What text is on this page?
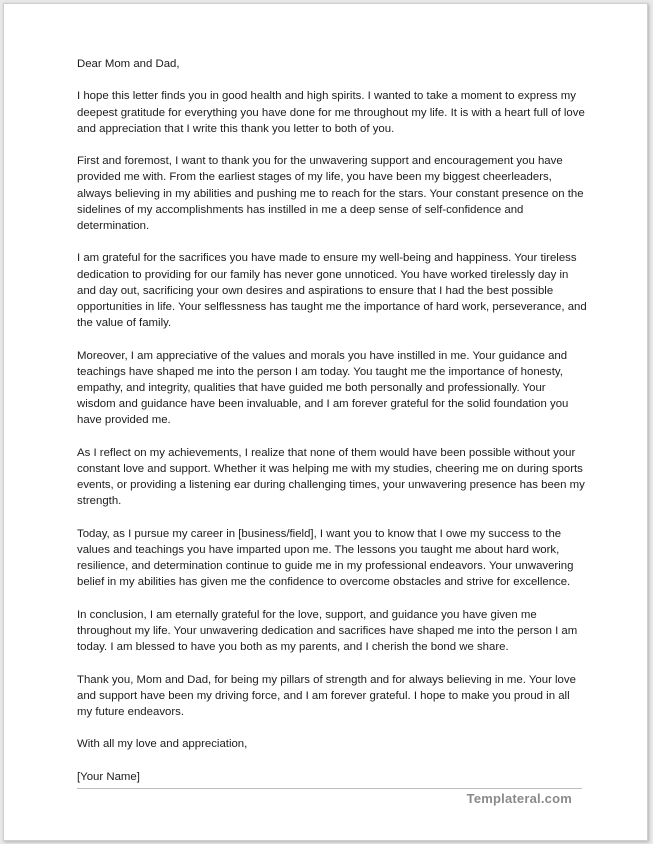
Dear Mom and Dad,

I hope this letter finds you in good health and high spirits. I wanted to take a moment to express my deepest gratitude for everything you have done for me throughout my life. It is with a heart full of love and appreciation that I write this thank you letter to both of you.

First and foremost, I want to thank you for the unwavering support and encouragement you have provided me with. From the earliest stages of my life, you have been my biggest cheerleaders, always believing in my abilities and pushing me to reach for the stars. Your constant presence on the sidelines of my accomplishments has instilled in me a deep sense of self-confidence and determination.

I am grateful for the sacrifices you have made to ensure my well-being and happiness. Your tireless dedication to providing for our family has never gone unnoticed. You have worked tirelessly day in and day out, sacrificing your own desires and aspirations to ensure that I had the best possible opportunities in life. Your selflessness has taught me the importance of hard work, perseverance, and the value of family.

Moreover, I am appreciative of the values and morals you have instilled in me. Your guidance and teachings have shaped me into the person I am today. You taught me the importance of honesty, empathy, and integrity, qualities that have guided me both personally and professionally. Your wisdom and guidance have been invaluable, and I am forever grateful for the solid foundation you have provided me.

As I reflect on my achievements, I realize that none of them would have been possible without your constant love and support. Whether it was helping me with my studies, cheering me on during sports events, or providing a listening ear during challenging times, your unwavering presence has been my strength.

Today, as I pursue my career in [business/field], I want you to know that I owe my success to the values and teachings you have imparted upon me. The lessons you taught me about hard work, resilience, and determination continue to guide me in my professional endeavors. Your unwavering belief in my abilities has given me the confidence to overcome obstacles and strive for excellence.

In conclusion, I am eternally grateful for the love, support, and guidance you have given me throughout my life. Your unwavering dedication and sacrifices have shaped me into the person I am today. I am blessed to have you both as my parents, and I cherish the bond we share.

Thank you, Mom and Dad, for being my pillars of strength and for always believing in me. Your love and support have been my driving force, and I am forever grateful. I hope to make you proud in all my future endeavors.

With all my love and appreciation,

[Your Name]

Templateral.com
